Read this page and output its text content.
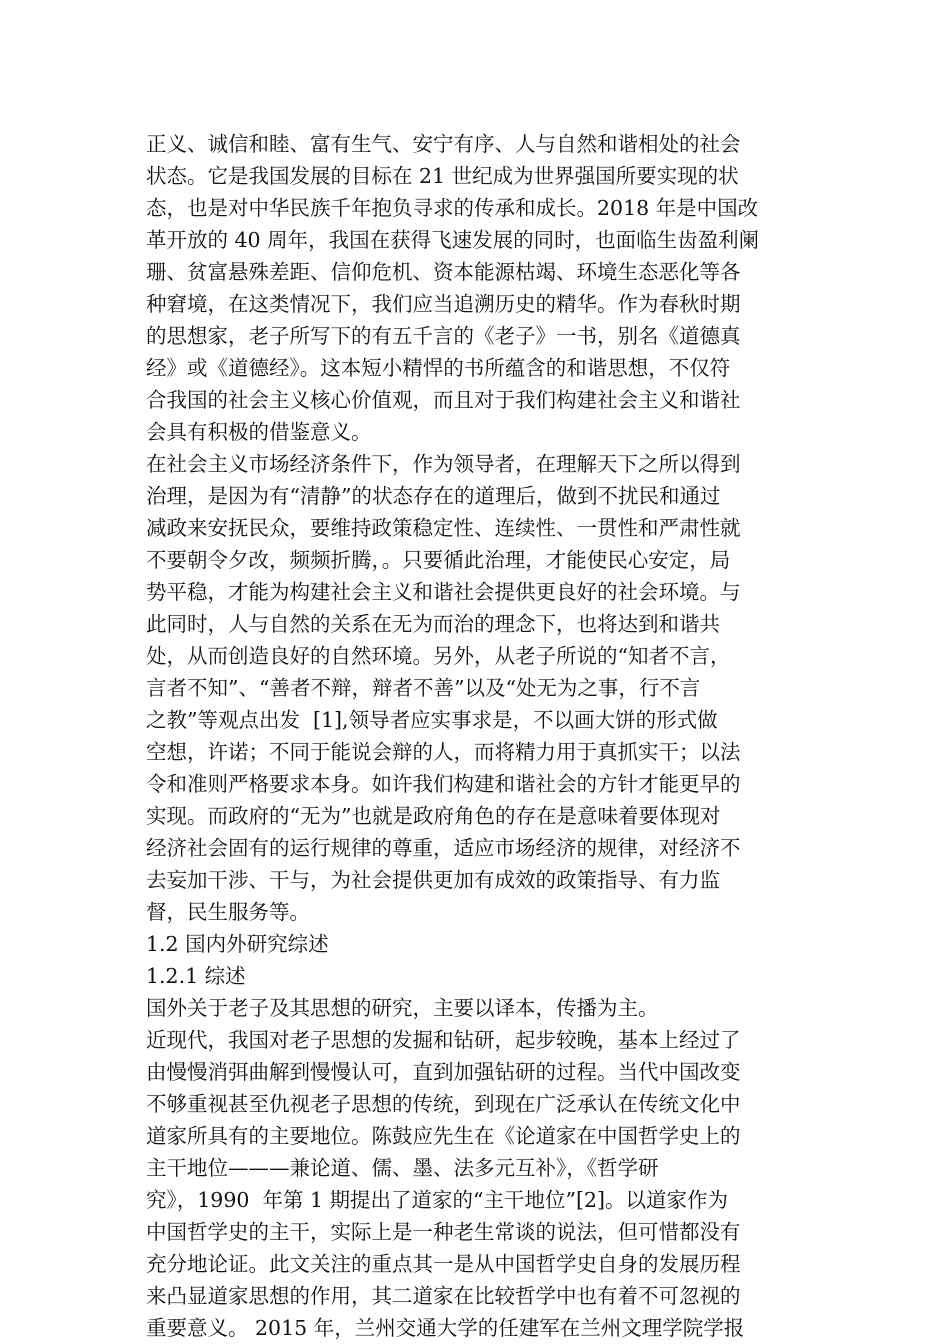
正义、诚信和睦、富有生气、安宁有序、人与自然和谐相处的社会
状态。它是我国发展的目标在 21 世纪成为世界强国所要实现的状
态，也是对中华民族千年抱负寻求的传承和成长。2018 年是中国改
革开放的 40 周年，我国在获得飞速发展的同时，也面临生齿盈利阑
珊、贫富悬殊差距、信仰危机、资本能源枯竭、环境生态恶化等各
种窘境，在这类情况下，我们应当追溯历史的精华。作为春秋时期
的思想家，老子所写下的有五千言的《老子》一书，别名《道德真
经》或《道德经》。这本短小精悍的书所蕴含的和谐思想，不仅符
合我国的社会主义核心价值观，而且对于我们构建社会主义和谐社
会具有积极的借鉴意义。
在社会主义市场经济条件下，作为领导者，在理解天下之所以得到
治理，是因为有“清静”的状态存在的道理后，做到不扰民和通过
减政来安抚民众，要维持政策稳定性、连续性、一贯性和严肃性就
不要朝令夕改，频频折腾，。只要循此治理，才能使民心安定，局
势平稳，才能为构建社会主义和谐社会提供更良好的社会环境。与
此同时，人与自然的关系在无为而治的理念下，也将达到和谐共
处，从而创造良好的自然环境。另外，从老子所说的“知者不言，
言者不知”、“善者不辩，辩者不善”以及“处无为之事，行不言
之教”等观点出发  [1],领导者应实事求是，不以画大饼的形式做
空想，许诺；不同于能说会辩的人，而将精力用于真抓实干；以法
令和准则严格要求本身。如许我们构建和谐社会的方针才能更早的
实现。而政府的“无为”也就是政府角色的存在是意味着要体现对
经济社会固有的运行规律的尊重，适应市场经济的规律，对经济不
去妄加干涉、干与，为社会提供更加有成效的政策指导、有力监
督，民生服务等。
1.2 国内外研究综述
1.2.1 综述
国外关于老子及其思想的研究，主要以译本，传播为主。
近现代，我国对老子思想的发掘和钻研，起步较晚，基本上经过了
由慢慢消弭曲解到慢慢认可，直到加强钻研的过程。当代中国改变
不够重视甚至仇视老子思想的传统，到现在广泛承认在传统文化中
道家所具有的主要地位。陈鼓应先生在《论道家在中国哲学史上的
主干地位———兼论道、儒、墨、法多元互补》，《哲学研
究》，1990  年第 1 期提出了道家的“主干地位”[2]。以道家作为
中国哲学史的主干，实际上是一种老生常谈的说法，但可惜都没有
充分地论证。此文关注的重点其一是从中国哲学史自身的发展历程
来凸显道家思想的作用，其二道家在比较哲学中也有着不可忽视的
重要意义。 2015 年，兰州交通大学的任建军在兰州文理学院学报
